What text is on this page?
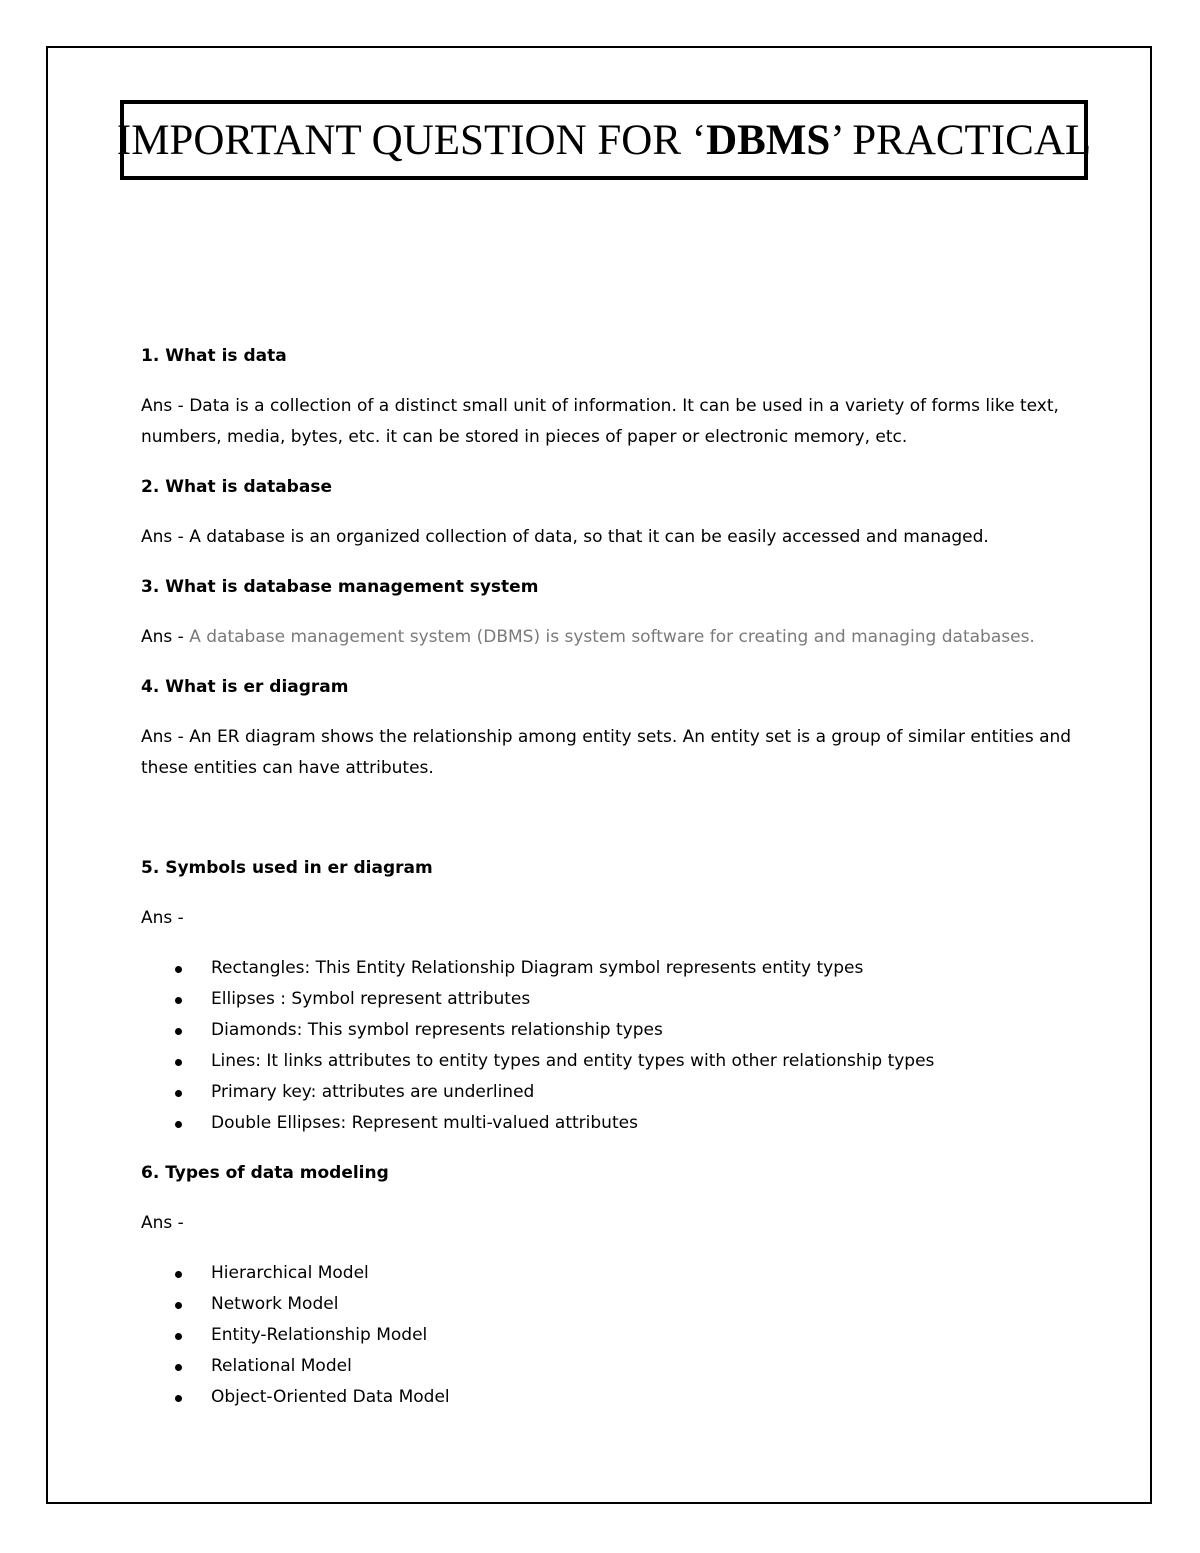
IMPORTANT QUESTION FOR ‘DBMS’ PRACTICAL

1. What is data

Ans - Data is a collection of a distinct small unit of information. It can be used in a variety of forms like text, numbers, media, bytes, etc. it can be stored in pieces of paper or electronic memory, etc.

2. What is database

Ans - A database is an organized collection of data, so that it can be easily accessed and managed.

3. What is database management system

Ans - A database management system (DBMS) is system software for creating and managing databases.

4. What is er diagram

Ans - An ER diagram shows the relationship among entity sets. An entity set is a group of similar entities and these entities can have attributes.

5. Symbols used in er diagram

Ans -

Rectangles: This Entity Relationship Diagram symbol represents entity types
Ellipses : Symbol represent attributes
Diamonds: This symbol represents relationship types
Lines: It links attributes to entity types and entity types with other relationship types
Primary key: attributes are underlined
Double Ellipses: Represent multi-valued attributes

6. Types of data modeling

Ans -

Hierarchical Model
Network Model
Entity-Relationship Model
Relational Model
Object-Oriented Data Model
